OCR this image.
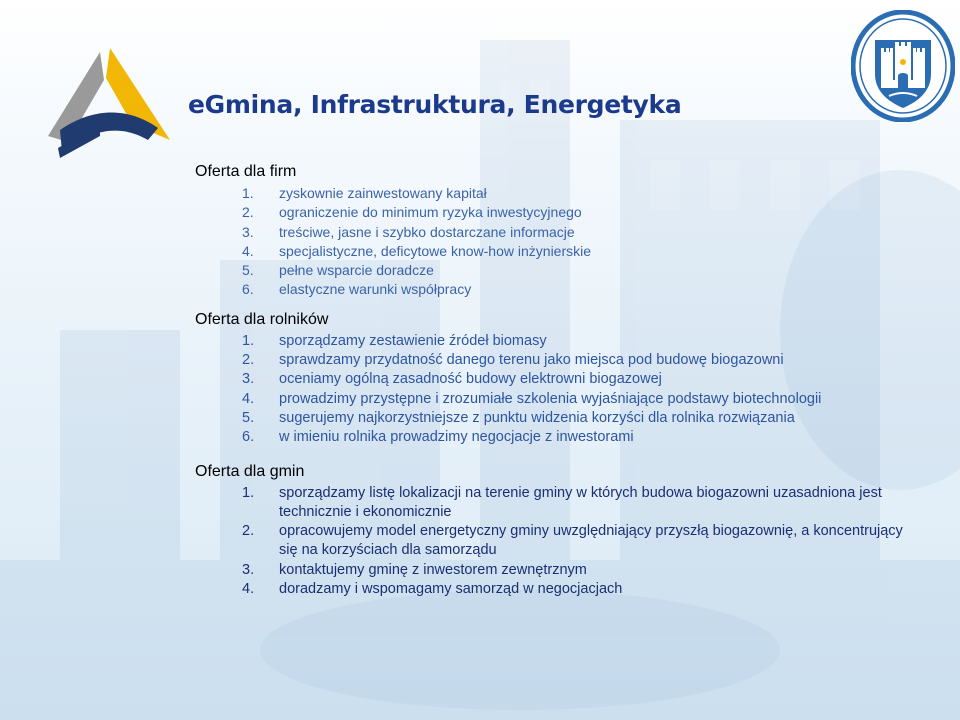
eGmina, Infrastruktura, Energetyka
Oferta dla firm
1.	zyskownie zainwestowany kapitał
2.	ograniczenie do minimum ryzyka inwestycyjnego
3.	treściwe, jasne i szybko dostarczane informacje
4.	specjalistyczne, deficytowe know-how inżynierskie
5.	pełne wsparcie doradcze
6.	elastyczne warunki współpracy
Oferta dla rolników
1.	sporządzamy zestawienie źródeł biomasy
2.	sprawdzamy przydatność danego terenu jako miejsca pod budowę biogazowni
3.	oceniamy ogólną zasadność budowy elektrowni biogazowej
4.	prowadzimy przystępne i zrozumiałe szkolenia wyjaśniające podstawy biotechnologii
5.	sugerujemy najkorzystniejsze z punktu widzenia korzyści dla rolnika rozwiązania
6.	w imieniu rolnika prowadzimy negocjacje z inwestorami
Oferta dla gmin
1.	sporządzamy listę lokalizacji na terenie gminy w których budowa biogazowni uzasadniona jest technicznie i ekonomicznie
2.	opracowujemy model energetyczny gminy uwzględniający przyszłą biogazownię, a koncentrujący się na korzyściach dla samorządu
3.	kontaktujemy gminę z inwestorem zewnętrznym
4.	doradzamy i wspomagamy samorząd w negocjacjach
